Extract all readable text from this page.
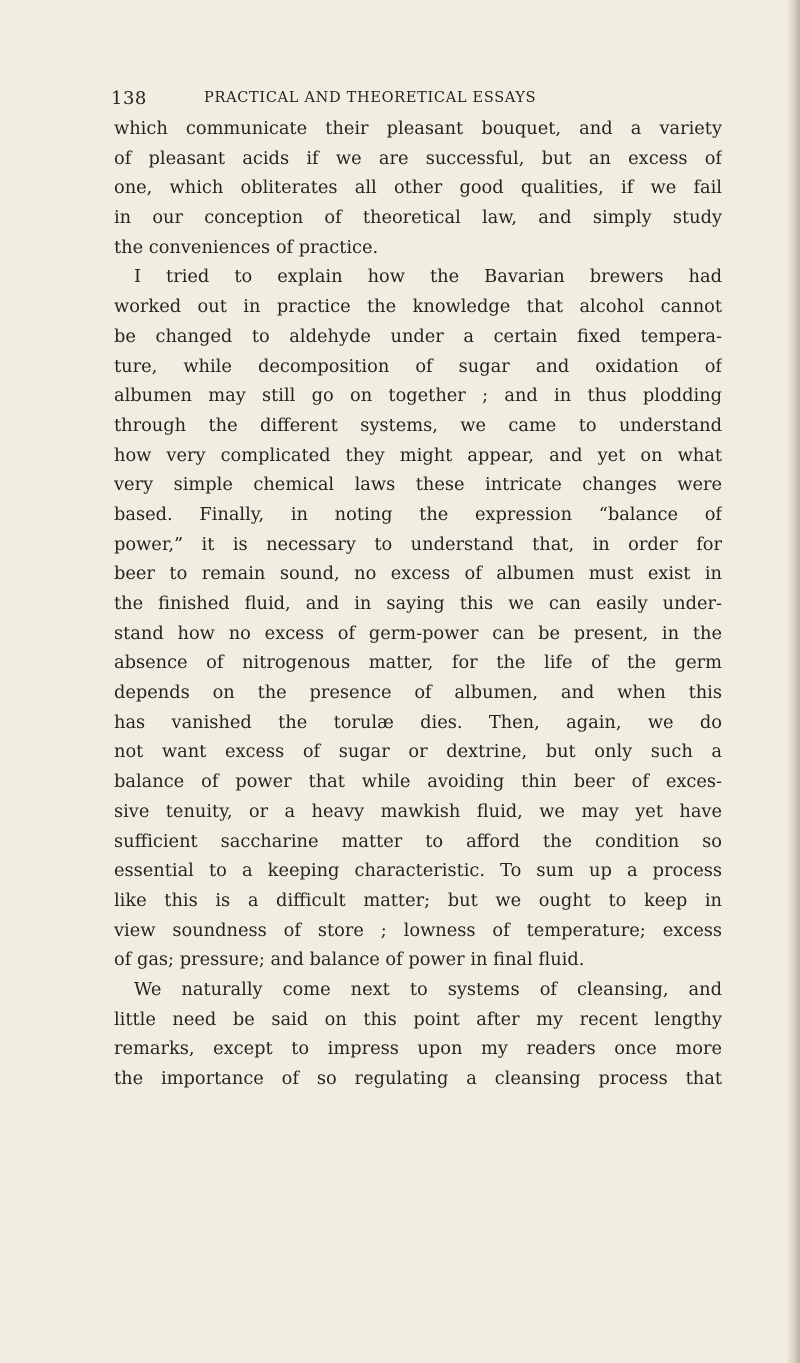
138	PRACTICAL AND THEORETICAL ESSAYS
which communicate their pleasant bouquet, and a variety
of pleasant acids if we are successful, but an excess of
one, which obliterates all other good qualities, if we fail
in our conception of theoretical law, and simply study
the conveniences of practice.
I tried to explain how the Bavarian brewers had
worked out in practice the knowledge that alcohol cannot
be changed to aldehyde under a certain fixed tempera-
ture, while decomposition of sugar and oxidation of
albumen may still go on together ; and in thus plodding
through the different systems, we came to understand
how very complicated they might appear, and yet on what
very simple chemical laws these intricate changes were
based. Finally, in noting the expression “balance of
power,” it is necessary to understand that, in order for
beer to remain sound, no excess of albumen must exist in
the finished fluid, and in saying this we can easily under-
stand how no excess of germ-power can be present, in the
absence of nitrogenous matter, for the life of the germ
depends on the presence of albumen, and when this
has vanished the torulæ dies. Then, again, we do
not want excess of sugar or dextrine, but only such a
balance of power that while avoiding thin beer of exces-
sive tenuity, or a heavy mawkish fluid, we may yet have
sufficient saccharine matter to afford the condition so
essential to a keeping characteristic. To sum up a process
like this is a difficult matter; but we ought to keep in
view soundness of store ; lowness of temperature; excess
of gas; pressure; and balance of power in final fluid.
We naturally come next to systems of cleansing, and
little need be said on this point after my recent lengthy
remarks, except to impress upon my readers once more
the importance of so regulating a cleansing process that
